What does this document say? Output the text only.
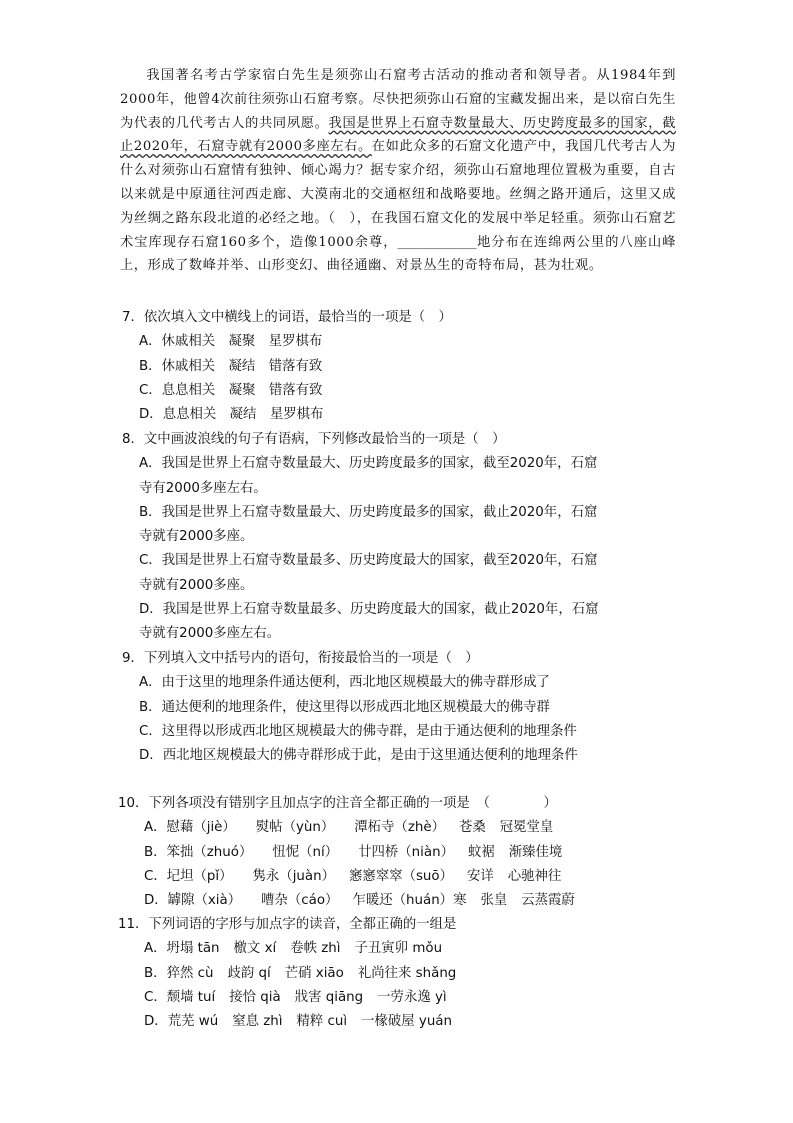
我国著名考古学家宿白先生是须弥山石窟考古活动的推动者和领导者。从1984年到2000年，他曾4次前往须弥山石窟考察。尽快把须弥山石窟的宝藏发掘出来，是以宿白先生为代表的几代考古人的共同夙愿。我国是世界上石窟寺数量最大、历史跨度最多的国家，截止2020年，石窟寺就有2000多座左右。在如此众多的石窟文化遗产中，我国几代考古人为什么对须弥山石窟情有独钟、倾心竭力？据专家介绍，须弥山石窟地理位置极为重要，自古以来就是中原通往河西走廊、大漠南北的交通枢纽和战略要地。丝绸之路开通后，这里又成为丝绸之路东段北道的必经之地。（　），在我国石窟文化的发展中举足轻重。须弥山石窟艺术宝库现存石窟160多个，造像1000余尊，____________地分布在连绵两公里的八座山峰上，形成了数峰并举、山形变幻、曲径通幽、对景丛生的奇特布局，甚为壮观。

7．依次填入文中横线上的词语，最恰当的一项是（　）
A．休戚相关　凝聚　星罗棋布
B．休戚相关　凝结　错落有致
C．息息相关　凝聚　错落有致
D．息息相关　凝结　星罗棋布
8．文中画波浪线的句子有语病，下列修改最恰当的一项是（　）
A．我国是世界上石窟寺数量最大、历史跨度最多的国家，截至2020年，石窟
寺有2000多座左右。
B．我国是世界上石窟寺数量最大、历史跨度最多的国家，截止2020年，石窟
寺就有2000多座。
C．我国是世界上石窟寺数量最多、历史跨度最大的国家，截至2020年，石窟
寺就有2000多座。
D．我国是世界上石窟寺数量最多、历史跨度最大的国家，截止2020年，石窟
寺就有2000多座左右。
9．下列填入文中括号内的语句，衔接最恰当的一项是（　）
A．由于这里的地理条件通达便利，西北地区规模最大的佛寺群形成了
B．通达便利的地理条件，使这里得以形成西北地区规模最大的佛寺群
C．这里得以形成西北地区规模最大的佛寺群，是由于通达便利的地理条件
D．西北地区规模最大的佛寺群形成于此，是由于这里通达便利的地理条件
10．下列各项没有错别字且加点字的注音全都正确的一项是　（　　　　）
A．慰藉（jiè） 熨帖（yùn） 潭柘寺（zhè） 苍桑 冠冕堂皇
B．笨拙（zhuó） 忸怩（ní） 廿四桥（niàn） 蚊裾 渐臻佳境
C．圮坦（pǐ） 隽永（juàn） 窸窸窣窣（suō） 安详 心驰神往
D．罅隙（xià） 嘈杂（cáo） 乍暖还（huán）寒 张皇 云蒸霞蔚
11．下列词语的字形与加点字的读音，全都正确的一组是
A．坍塌 tān 檄文 xí 卷帙 zhì 子丑寅卯 mǒu
B．猝然 cù 歧韵 qí 芒硝 xiāo 礼尚往来 shǎng
C．颓墙 tuí 接恰 qià 戕害 qiāng 一劳永逸 yì
D．荒芜 wú 窒息 zhì 精粹 cuì 一椽破屋 yuán
